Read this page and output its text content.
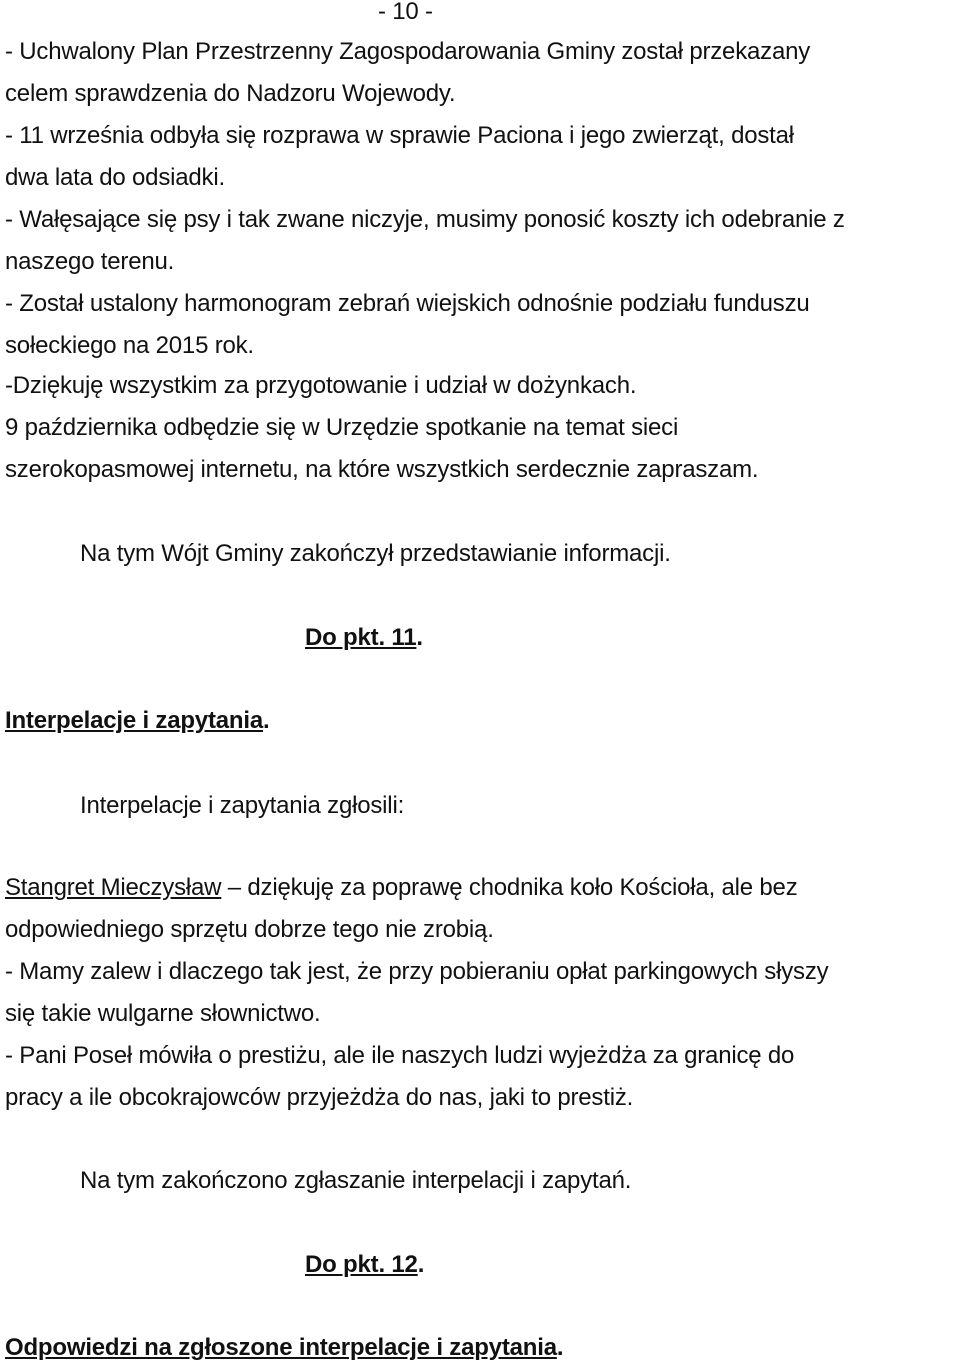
- 10 -
- Uchwalony Plan Przestrzenny Zagospodarowania Gminy został przekazany
celem sprawdzenia do Nadzoru Wojewody.
- 11 września odbyła się rozprawa w sprawie Paciona i jego zwierząt, dostał
dwa lata do odsiadki.
- Wałęsające się psy i tak zwane niczyje, musimy ponosić koszty ich odebranie z
naszego terenu.
- Został ustalony harmonogram zebrań wiejskich odnośnie podziału funduszu
sołeckiego na 2015 rok.
-Dziękuję wszystkim za przygotowanie i udział w dożynkach.
9 października odbędzie się w Urzędzie spotkanie na temat sieci
szerokopasmowej internetu, na które wszystkich serdecznie zapraszam.
Na tym Wójt Gminy zakończył przedstawianie informacji.
Do pkt. 11.
Interpelacje i zapytania.
Interpelacje i zapytania zgłosili:
Stangret Mieczysław – dziękuję za poprawę chodnika koło Kościoła, ale bez
odpowiedniego sprzętu dobrze tego nie zrobią.
- Mamy zalew i dlaczego tak jest, że przy pobieraniu opłat parkingowych słyszy
się takie wulgarne słownictwo.
- Pani Poseł mówiła o prestiżu, ale ile naszych ludzi wyjeżdża za granicę do
pracy a ile obcokrajowców przyjeżdża do nas, jaki to prestiż.
Na tym zakończono zgłaszanie interpelacji i zapytań.
Do pkt. 12.
Odpowiedzi na zgłoszone interpelacje i zapytania.
